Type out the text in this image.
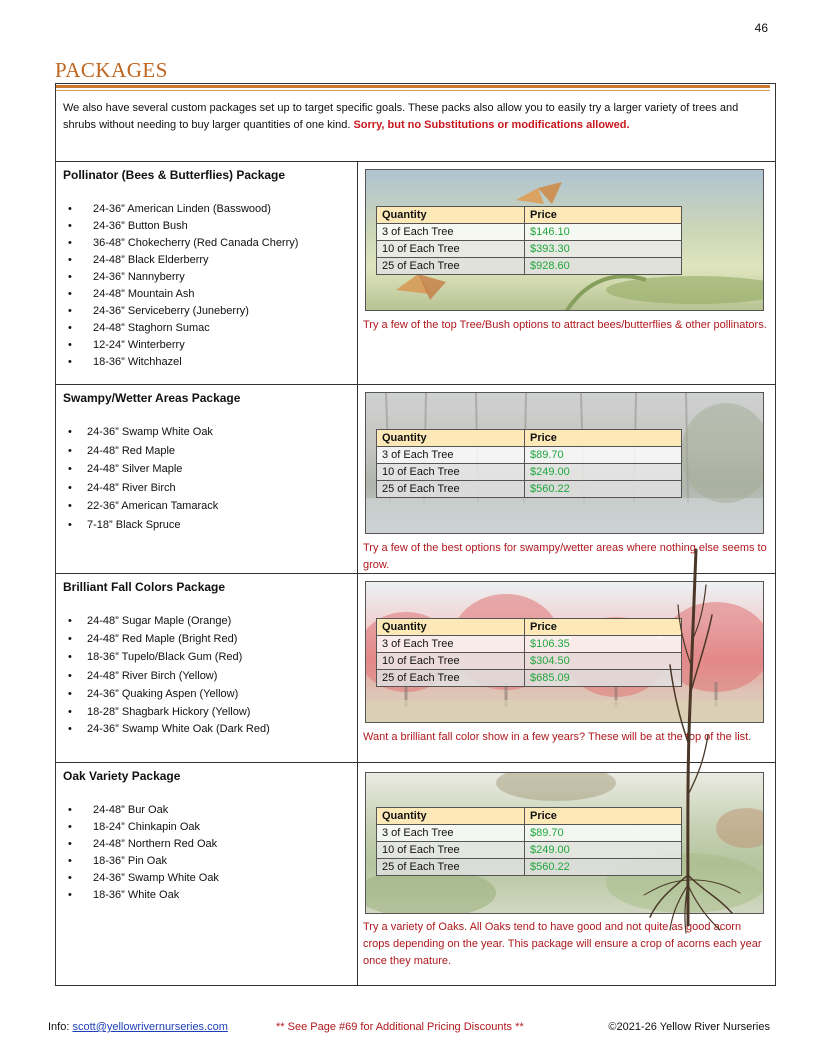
46
PACKAGES
We also have several custom packages set up to target specific goals. These packs also allow you to easily try a larger variety of trees and shrubs without needing to buy larger quantities of one kind. Sorry, but no Substitutions or modifications allowed.
Pollinator (Bees & Butterflies) Package
• 24-36” American Linden (Basswood)
• 24-36” Button Bush
• 36-48” Chokecherry (Red Canada Cherry)
• 24-48” Black Elderberry
• 24-36” Nannyberry
• 24-48” Mountain Ash
• 24-36” Serviceberry (Juneberry)
• 24-48” Staghorn Sumac
• 12-24” Winterberry
• 18-36” Witchhazel
Quantity	Price
3 of Each Tree	$146.10
10 of Each Tree	$393.30
25 of Each Tree	$928.60
Try a few of the top Tree/Bush options to attract bees/butterflies & other pollinators.
Swampy/Wetter Areas Package
• 24-36” Swamp White Oak
• 24-48” Red Maple
• 24-48” Silver Maple
• 24-48” River Birch
• 22-36” American Tamarack
• 7-18” Black Spruce
Quantity	Price
3 of Each Tree	$89.70
10 of Each Tree	$249.00
25 of Each Tree	$560.22
Try a few of the best options for swampy/wetter areas where nothing else seems to grow.
Brilliant Fall Colors Package
• 24-48” Sugar Maple (Orange)
• 24-48” Red Maple (Bright Red)
• 18-36” Tupelo/Black Gum (Red)
• 24-48” River Birch (Yellow)
• 24-36” Quaking Aspen (Yellow)
• 18-28” Shagbark Hickory (Yellow)
• 24-36” Swamp White Oak (Dark Red)
Quantity	Price
3 of Each Tree	$106.35
10 of Each Tree	$304.50
25 of Each Tree	$685.09
Want a brilliant fall color show in a few years? These will be at the top of the list.
Oak Variety Package
• 24-48” Bur Oak
• 18-24” Chinkapin Oak
• 24-48” Northern Red Oak
• 18-36” Pin Oak
• 24-36” Swamp White Oak
• 18-36” White Oak
Quantity	Price
3 of Each Tree	$89.70
10 of Each Tree	$249.00
25 of Each Tree	$560.22
Try a variety of Oaks. All Oaks tend to have good and not quite as good acorn crops depending on the year. This package will ensure a crop of acorns each year once they mature.
Info: scott@yellowrivernurseries.com	** See Page #69 for Additional Pricing Discounts **	©2021-26 Yellow River Nurseries
